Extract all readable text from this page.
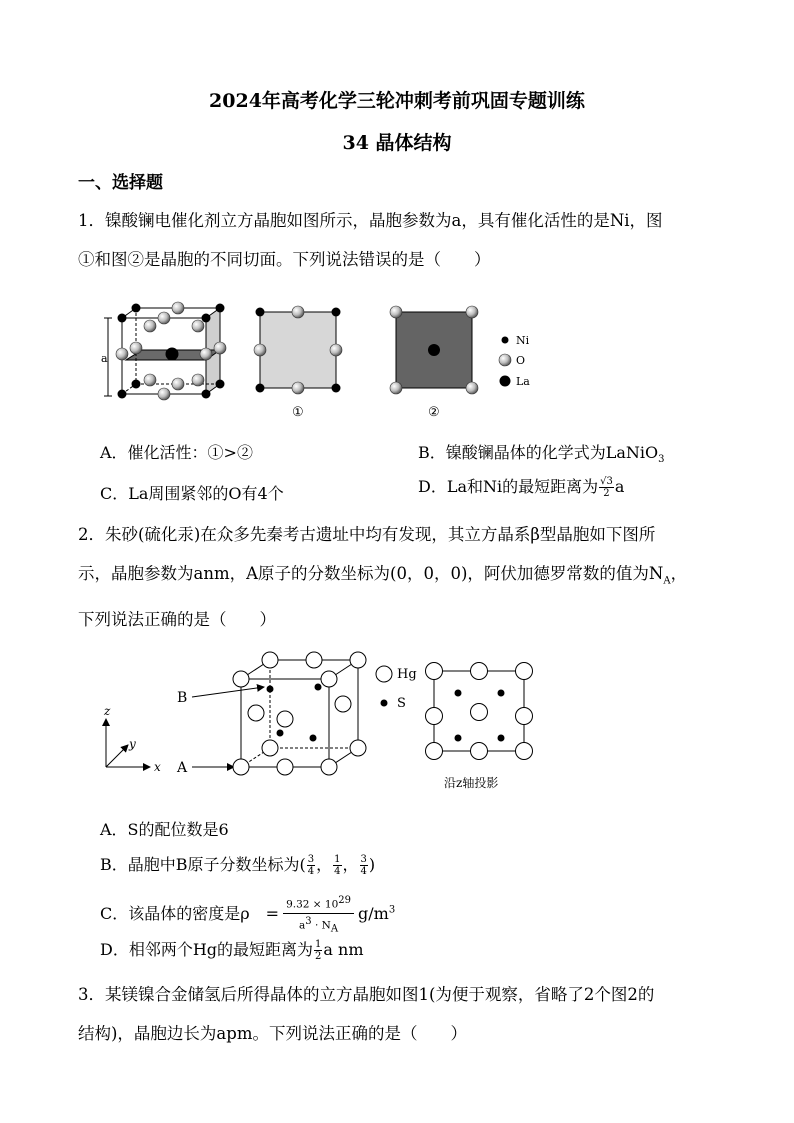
2024年高考化学三轮冲刺考前巩固专题训练
34 晶体结构
一、选择题
1．镍酸镧电催化剂立方晶胞如图所示，晶胞参数为a，具有催化活性的是Ni，图
①和图②是晶胞的不同切面。下列说法错误的是（　　）
a
①	②
Ni
O
La
A．催化活性：①>②	B．镍酸镧晶体的化学式为LaNiO$_3$
C．La周围紧邻的O有4个	D．La和Ni的最短距离为 $\frac{√3}{2}$ a
2．朱砂(硫化汞)在众多先秦考古遗址中均有发现，其立方晶系β型晶胞如下图所
示，晶胞参数为anm，A原子的分数坐标为(0，0，0)，阿伏加德罗常数的值为$N_A$，
下列说法正确的是（　　）
z
y
x
B
A
Hg
S
沿z轴投影
A．S的配位数是6
B．晶胞中B原子分数坐标为( $\frac{3}{4}$ ， $\frac{1}{4}$ ， $\frac{3}{4}$ )
C．该晶体的密度是ρ　= $\frac{9.32 \times 10^{29}}{a^3 \cdot N_A} g/m^3$
D．相邻两个Hg的最短距离为 $\frac{1}{2}$ a nm
3．某镁镍合金储氢后所得晶体的立方晶胞如图1(为便于观察，省略了2个图2的
结构)，晶胞边长为apm。下列说法正确的是（　　）
